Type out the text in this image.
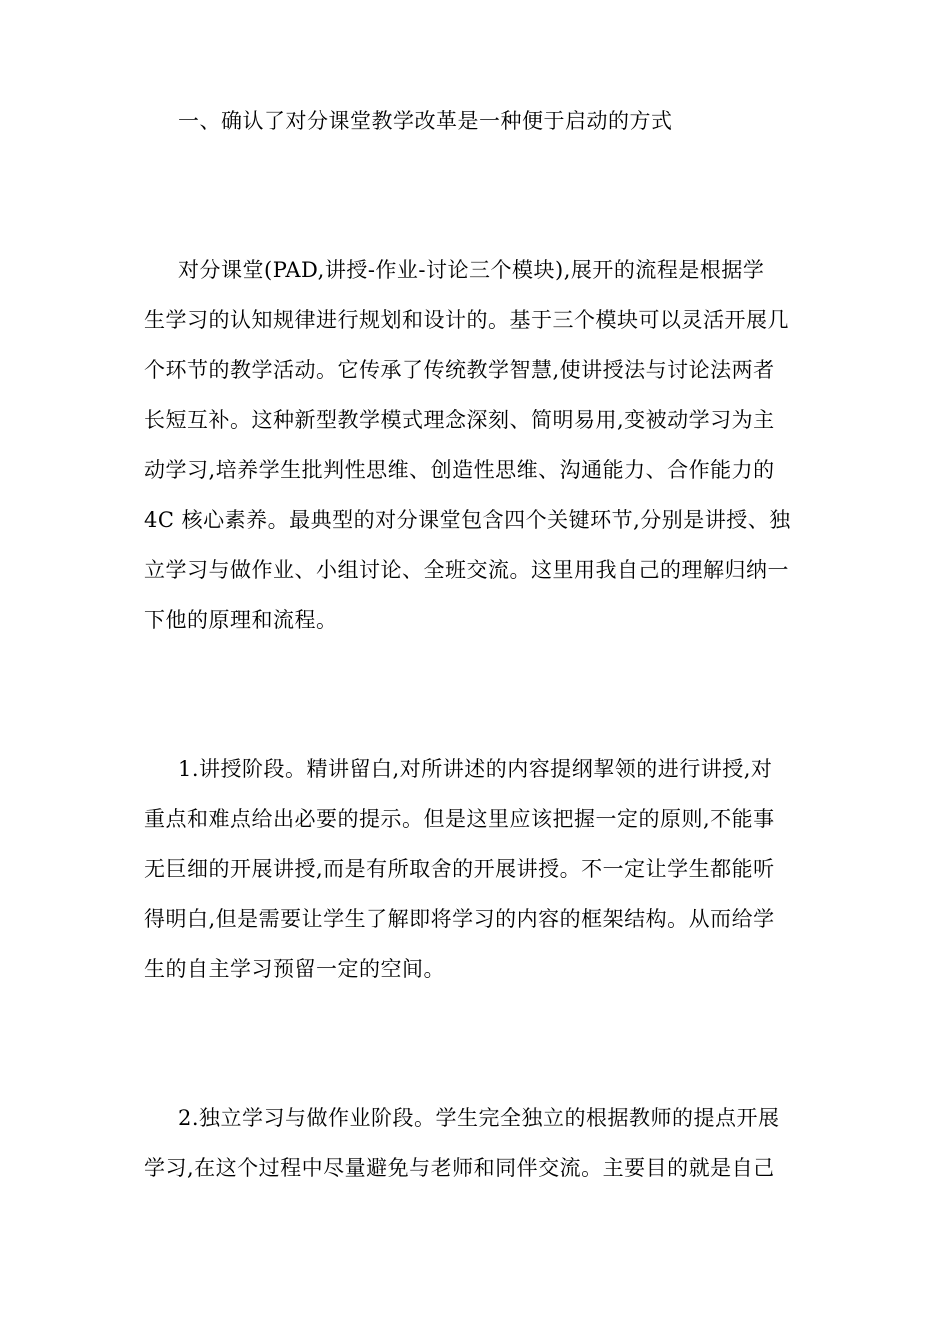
一、确认了对分课堂教学改革是一种便于启动的方式
对分课堂(PAD,讲授-作业-讨论三个模块),展开的流程是根据学
生学习的认知规律进行规划和设计的。基于三个模块可以灵活开展几
个环节的教学活动。它传承了传统教学智慧,使讲授法与讨论法两者
长短互补。这种新型教学模式理念深刻、简明易用,变被动学习为主
动学习,培养学生批判性思维、创造性思维、沟通能力、合作能力的
4C 核心素养。最典型的对分课堂包含四个关键环节,分别是讲授、独
立学习与做作业、小组讨论、全班交流。这里用我自己的理解归纳一
下他的原理和流程。
1.讲授阶段。精讲留白,对所讲述的内容提纲挈领的进行讲授,对
重点和难点给出必要的提示。但是这里应该把握一定的原则,不能事
无巨细的开展讲授,而是有所取舍的开展讲授。不一定让学生都能听
得明白,但是需要让学生了解即将学习的内容的框架结构。从而给学
生的自主学习预留一定的空间。
2.独立学习与做作业阶段。学生完全独立的根据教师的提点开展
学习,在这个过程中尽量避免与老师和同伴交流。主要目的就是自己
